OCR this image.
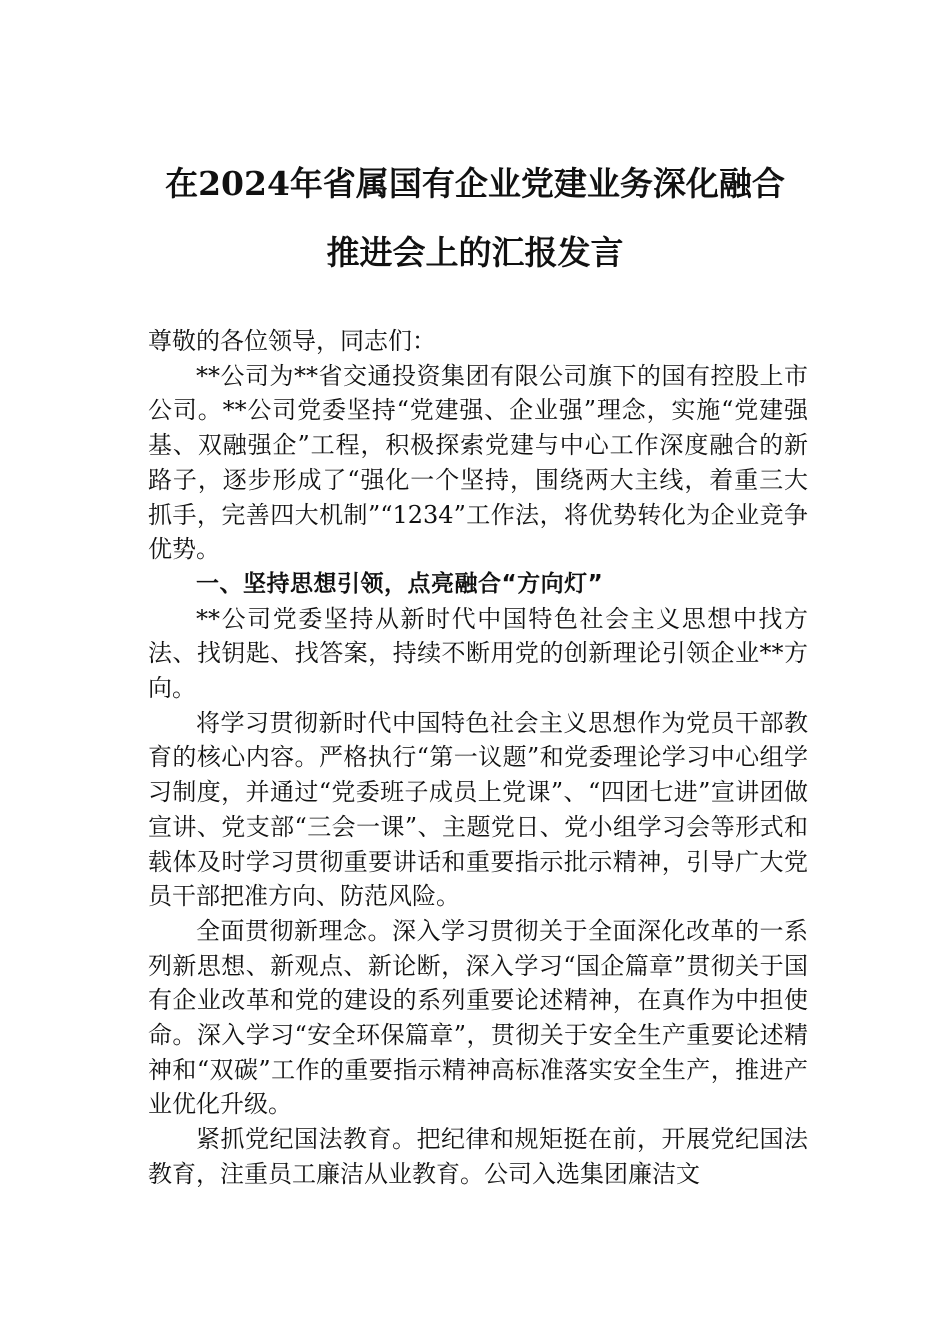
在2024年省属国有企业党建业务深化融合
推进会上的汇报发言

尊敬的各位领导，同志们：

**公司为**省交通投资集团有限公司旗下的国有控股上市公司。**公司党委坚持“党建强、企业强”理念，实施“党建强基、双融强企”工程，积极探索党建与中心工作深度融合的新路子，逐步形成了“强化一个坚持，围绕两大主线，着重三大抓手，完善四大机制”“1234”工作法，将优势转化为企业竞争优势。

一、坚持思想引领，点亮融合“方向灯”

**公司党委坚持从新时代中国特色社会主义思想中找方法、找钥匙、找答案，持续不断用党的创新理论引领企业**方向。

将学习贯彻新时代中国特色社会主义思想作为党员干部教育的核心内容。严格执行“第一议题”和党委理论学习中心组学习制度，并通过“党委班子成员上党课”、“四团七进”宣讲团做宣讲、党支部“三会一课”、主题党日、党小组学习会等形式和载体及时学习贯彻重要讲话和重要指示批示精神，引导广大党员干部把准方向、防范风险。

全面贯彻新理念。深入学习贯彻关于全面深化改革的一系列新思想、新观点、新论断，深入学习“国企篇章”贯彻关于国有企业改革和党的建设的系列重要论述精神，在真作为中担使命。深入学习“安全环保篇章”，贯彻关于安全生产重要论述精神和“双碳”工作的重要指示精神高标准落实安全生产，推进产业优化升级。

紧抓党纪国法教育。把纪律和规矩挺在前，开展党纪国法教育，注重员工廉洁从业教育。公司入选集团廉洁文
